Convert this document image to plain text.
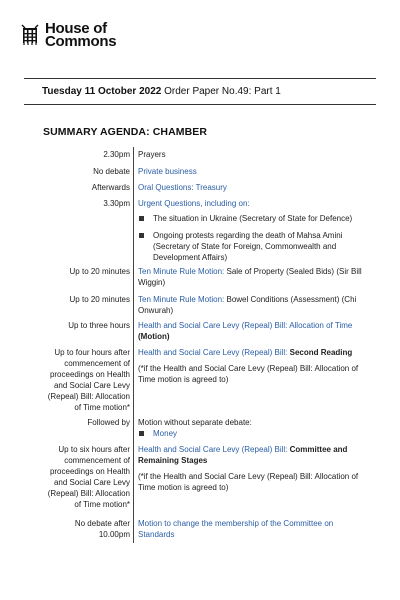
House of
Commons
Tuesday 11 October 2022 Order Paper No.49: Part 1
SUMMARY AGENDA: CHAMBER
2.30pm Prayers
No debate Private business
Afterwards Oral Questions: Treasury
3.30pm Urgent Questions, including on:
The situation in Ukraine (Secretary of State for Defence)
Ongoing protests regarding the death of Mahsa Amini (Secretary of State for Foreign, Commonwealth and Development Affairs)
Up to 20 minutes Ten Minute Rule Motion: Sale of Property (Sealed Bids) (Sir Bill Wiggin)
Up to 20 minutes Ten Minute Rule Motion: Bowel Conditions (Assessment) (Chi Onwurah)
Up to three hours Health and Social Care Levy (Repeal) Bill: Allocation of Time
(Motion)
Up to four hours after commencement of proceedings on Health and Social Care Levy (Repeal) Bill: Allocation of Time motion*
Health and Social Care Levy (Repeal) Bill: Second Reading
(*if the Health and Social Care Levy (Repeal) Bill: Allocation of Time motion is agreed to)
Followed by Motion without separate debate:
Money
Up to six hours after commencement of proceedings on Health and Social Care Levy (Repeal) Bill: Allocation of Time motion*
Health and Social Care Levy (Repeal) Bill: Committee and Remaining Stages
(*if the Health and Social Care Levy (Repeal) Bill: Allocation of Time motion is agreed to)
No debate after 10.00pm
Motion to change the membership of the Committee on Standards
